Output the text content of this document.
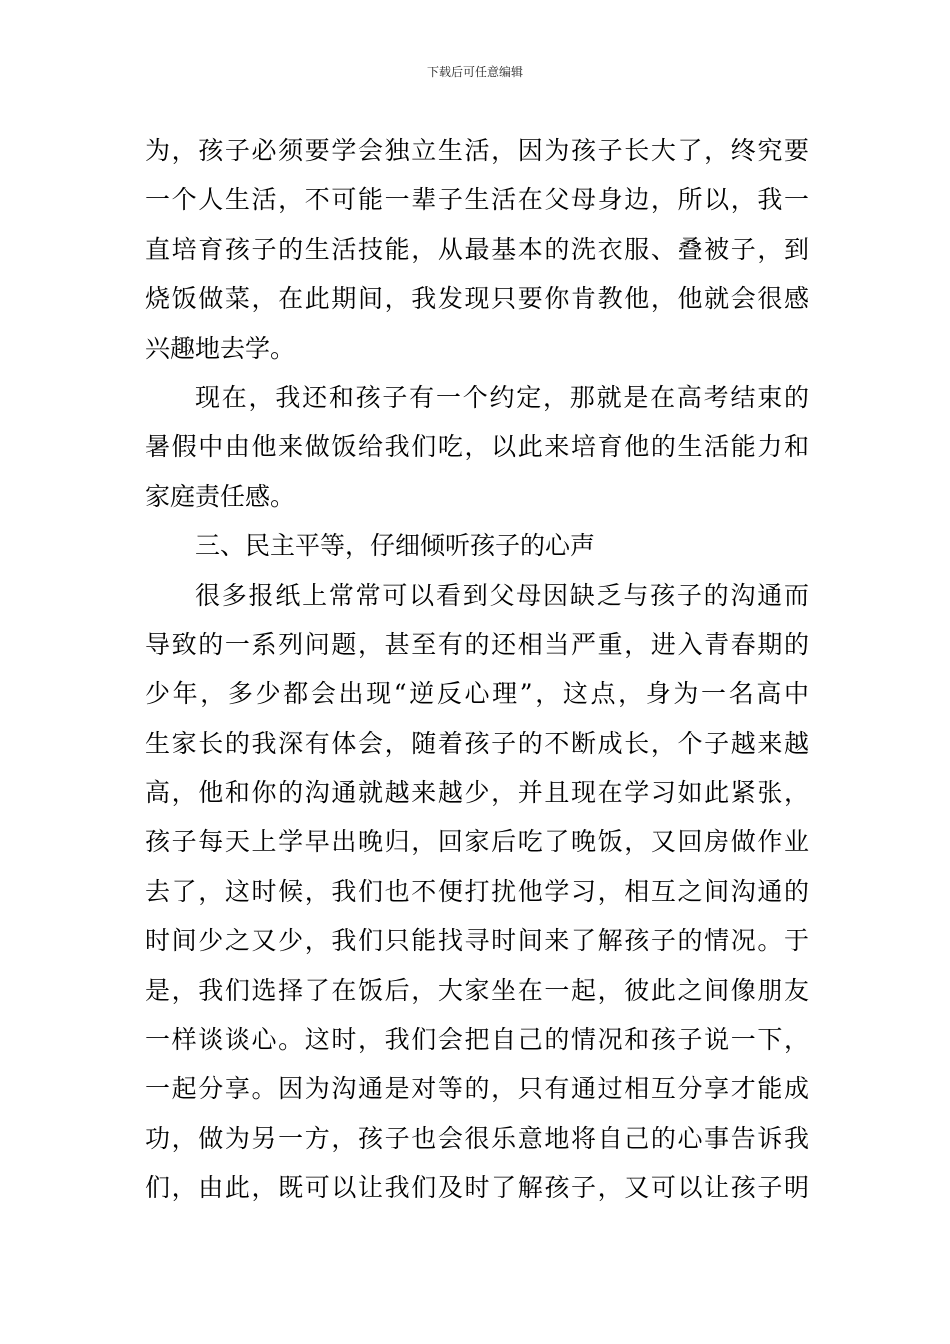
下载后可任意编辑
为，孩子必须要学会独立生活，因为孩子长大了，终究要
一个人生活，不可能一辈子生活在父母身边，所以，我一
直培育孩子的生活技能，从最基本的洗衣服、叠被子，到
烧饭做菜，在此期间，我发现只要你肯教他，他就会很感
兴趣地去学。
现在，我还和孩子有一个约定，那就是在高考结束的
暑假中由他来做饭给我们吃，以此来培育他的生活能力和
家庭责任感。
三、民主平等，仔细倾听孩子的心声
很多报纸上常常可以看到父母因缺乏与孩子的沟通而
导致的一系列问题，甚至有的还相当严重，进入青春期的
少年，多少都会出现“逆反心理”，这点，身为一名高中
生家长的我深有体会，随着孩子的不断成长，个子越来越
高，他和你的沟通就越来越少，并且现在学习如此紧张，
孩子每天上学早出晚归，回家后吃了晚饭，又回房做作业
去了，这时候，我们也不便打扰他学习，相互之间沟通的
时间少之又少，我们只能找寻时间来了解孩子的情况。于
是，我们选择了在饭后，大家坐在一起，彼此之间像朋友
一样谈谈心。这时，我们会把自己的情况和孩子说一下，
一起分享。因为沟通是对等的，只有通过相互分享才能成
功，做为另一方，孩子也会很乐意地将自己的心事告诉我
们，由此，既可以让我们及时了解孩子，又可以让孩子明
